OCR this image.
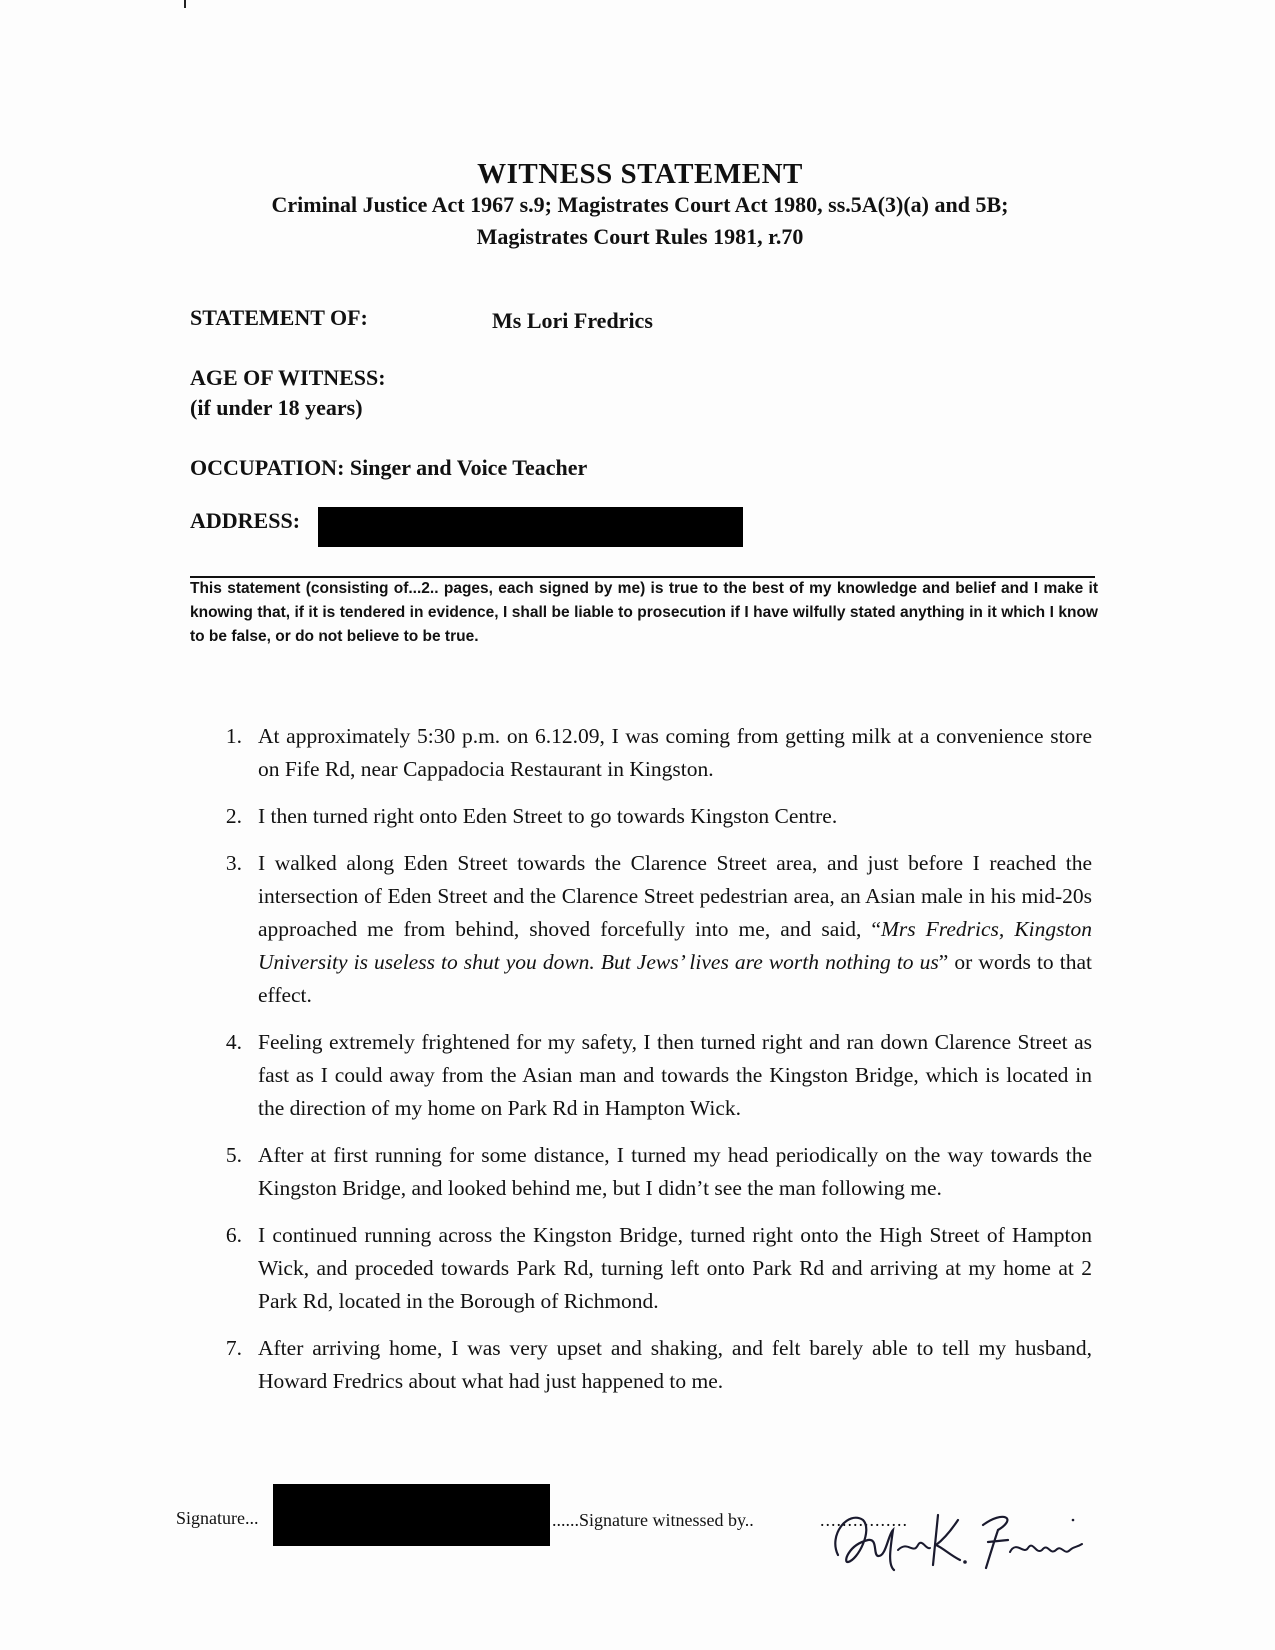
WITNESS STATEMENT
Criminal Justice Act 1967 s.9; Magistrates Court Act 1980, ss.5A(3)(a) and 5B;
Magistrates Court Rules 1981, r.70
STATEMENT OF:	Ms Lori Fredrics
AGE OF WITNESS:
(if under 18 years)
OCCUPATION: Singer and Voice Teacher
ADDRESS:
This statement (consisting of...2.. pages, each signed by me) is true to the best of my knowledge and belief and I make it knowing that, if it is tendered in evidence, I shall be liable to prosecution if I have wilfully stated anything in it which I know to be false, or do not believe to be true.
1. At approximately 5:30 p.m. on 6.12.09, I was coming from getting milk at a convenience store on Fife Rd, near Cappadocia Restaurant in Kingston.
2. I then turned right onto Eden Street to go towards Kingston Centre.
3. I walked along Eden Street towards the Clarence Street area, and just before I reached the intersection of Eden Street and the Clarence Street pedestrian area, an Asian male in his mid-20s approached me from behind, shoved forcefully into me, and said, “Mrs Fredrics, Kingston University is useless to shut you down. But Jews’ lives are worth nothing to us” or words to that effect.
4. Feeling extremely frightened for my safety, I then turned right and ran down Clarence Street as fast as I could away from the Asian man and towards the Kingston Bridge, which is located in the direction of my home on Park Rd in Hampton Wick.
5. After at first running for some distance, I turned my head periodically on the way towards the Kingston Bridge, and looked behind me, but I didn’t see the man following me.
6. I continued running across the Kingston Bridge, turned right onto the High Street of Hampton Wick, and proceded towards Park Rd, turning left onto Park Rd and arriving at my home at 2 Park Rd, located in the Borough of Richmond.
7. After arriving home, I was very upset and shaking, and felt barely able to tell my husband, Howard Fredrics about what had just happened to me.
Signature...	......Signature witnessed by..	................
